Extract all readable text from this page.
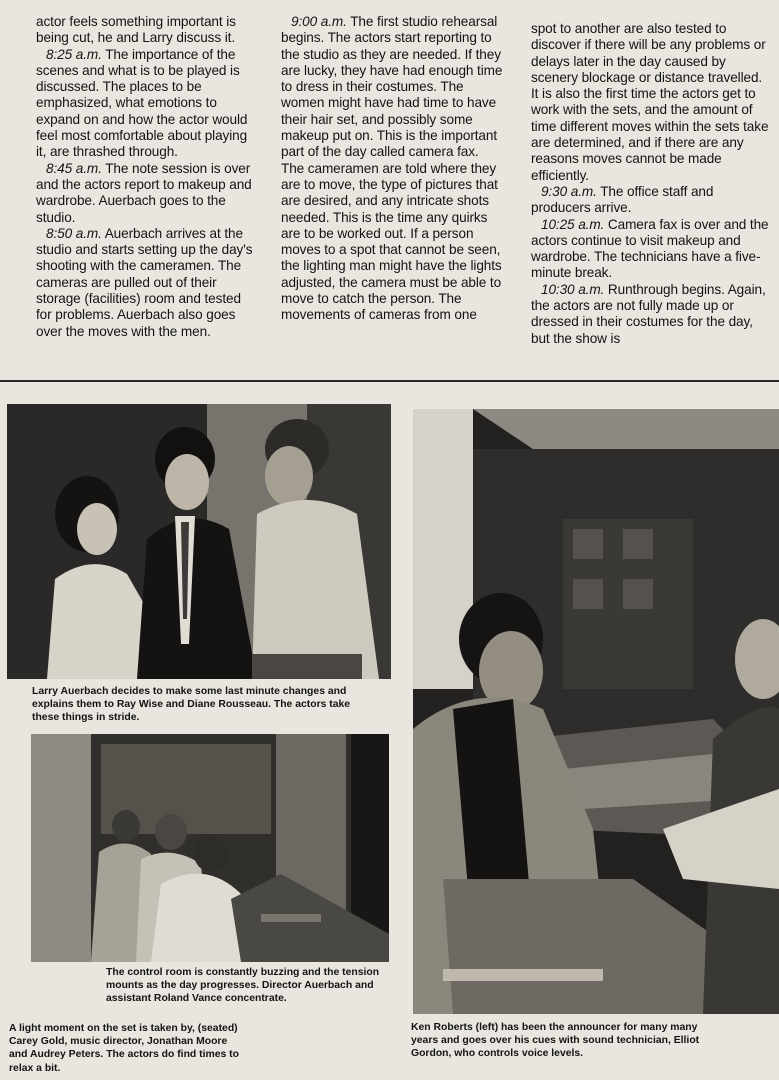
actor feels something important is being cut, he and Larry discuss it.

8:25 a.m. The importance of the scenes and what is to be played is discussed. The places to be emphasized, what emotions to expand on and how the actor would feel most comfortable about playing it, are thrashed through.

8:45 a.m. The note session is over and the actors report to makeup and wardrobe. Auerbach goes to the studio.

8:50 a.m. Auerbach arrives at the studio and starts setting up the day's shooting with the cameramen. The cameras are pulled out of their storage (facilities) room and tested for problems. Auerbach also goes over the moves with the men.

9:00 a.m. The first studio rehearsal begins. The actors start reporting to the studio as they are needed. If they are lucky, they have had enough time to dress in their costumes. The women might have had time to have their hair set, and possibly some makeup put on. This is the important part of the day called camera fax. The cameramen are told where they are to move, the type of pictures that are desired, and any intricate shots needed. This is the time any quirks are to be worked out. If a person moves to a spot that cannot be seen, the lighting man might have the lights adjusted, the camera must be able to move to catch the person. The movements of cameras from one

spot to another are also tested to discover if there will be any problems or delays later in the day caused by scenery blockage or distance travelled. It is also the first time the actors get to work with the sets, and the amount of time different moves within the sets take are determined, and if there are any reasons moves cannot be made efficiently.

9:30 a.m. The office staff and producers arrive.

10:25 a.m. Camera fax is over and the actors continue to visit makeup and wardrobe. The technicians have a five-minute break.

10:30 a.m. Runthrough begins. Again, the actors are not fully made up or dressed in their costumes for the day, but the show is

Larry Auerbach decides to make some last minute changes and explains them to Ray Wise and Diane Rousseau. The actors take these things in stride.
The control room is constantly buzzing and the tension mounts as the day progresses. Director Auerbach and assistant Roland Vance concentrate.
A light moment on the set is taken by, (seated) Carey Gold, music director, Jonathan Moore and Audrey Peters. The actors do find times to relax a bit.
Ken Roberts (left) has been the announcer for many many years and goes over his cues with sound technician, Elliot Gordon, who controls voice levels.
